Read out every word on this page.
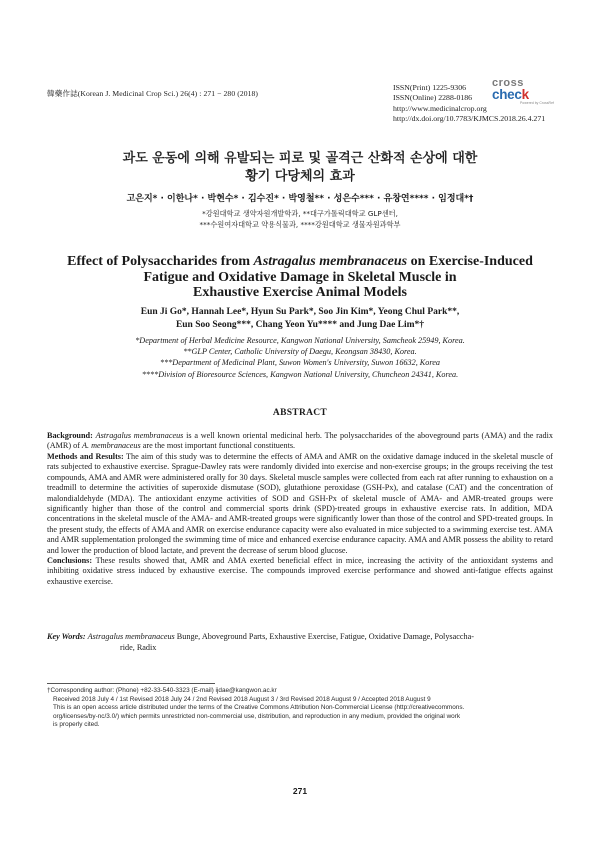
韓藥作誌(Korean J. Medicinal Crop Sci.) 26(4) : 271 − 280 (2018)
ISSN(Print) 1225-9306
ISSN(Online) 2288-0186
http://www.medicinalcrop.org
http://dx.doi.org/10.7783/KJMCS.2018.26.4.271
cross
check
Powered by CrossRef
과도 운동에 의해 유발되는 피로 및 골격근 산화적 손상에 대한
황기 다당체의 효과
고은지* · 이한나* · 박현수* · 김수진* · 박영철** · 성은수*** · 유창연**** · 임정대*†
*강원대학교 생약자원개발학과, **대구가톨릭대학교 GLP센터,
***수원여자대학교 약용식물과, ****강원대학교 생물자원과학부
Effect of Polysaccharides from Astragalus membranaceus on Exercise-Induced
Fatigue and Oxidative Damage in Skeletal Muscle in
Exhaustive Exercise Animal Models
Eun Ji Go*, Hannah Lee*, Hyun Su Park*, Soo Jin Kim*, Yeong Chul Park**,
Eun Soo Seong***, Chang Yeon Yu**** and Jung Dae Lim*†
*Department of Herbal Medicine Resource, Kangwon National University, Samcheok 25949, Korea.
**GLP Center, Catholic University of Daegu, Keongsan 38430, Korea.
***Department of Medicinal Plant, Suwon Women's University, Suwon 16632, Korea
****Division of Bioresource Sciences, Kangwon National University, Chuncheon 24341, Korea.
ABSTRACT

Background: Astragalus membranaceus is a well known oriental medicinal herb. The polysaccharides of the aboveground parts (AMA) and the radix (AMR) of A. membranaceus are the most important functional constituents.

Methods and Results: The aim of this study was to determine the effects of AMA and AMR on the oxidative damage induced in the skeletal muscle of rats subjected to exhaustive exercise. Sprague-Dawley rats were randomly divided into exercise and non-exercise groups; in the groups receiving the test compounds, AMA and AMR were administered orally for 30 days. Skeletal muscle samples were collected from each rat after running to exhaustion on a treadmill to determine the activities of superoxide dismutase (SOD), glutathione peroxidase (GSH-Px), and catalase (CAT) and the concentration of malondialdehyde (MDA). The antioxidant enzyme activities of SOD and GSH-Px of skeletal muscle of AMA- and AMR-treated groups were significantly higher than those of the control and commercial sports drink (SPD)-treated groups in exhaustive exercise rats. In addition, MDA concentrations in the skeletal muscle of the AMA- and AMR-treated groups were significantly lower than those of the control and SPD-treated groups. In the present study, the effects of AMA and AMR on exercise endurance capacity were also evaluated in mice subjected to a swimming exercise test. AMA and AMR supplementation prolonged the swimming time of mice and enhanced exercise endurance capacity. AMA and AMR possess the ability to retard and lower the production of blood lactate, and prevent the decrease of serum blood glucose.

Conclusions: These results showed that, AMR and AMA exerted beneficial effect in mice, increasing the activity of the antioxidant systems and inhibiting oxidative stress induced by exhaustive exercise. The compounds improved exercise performance and showed anti-fatigue effects against exhaustive exercise.

Key Words: Astragalus membranaceus Bunge, Aboveground Parts, Exhaustive Exercise, Fatigue, Oxidative Damage, Polysaccha-
ride, Radix
†Corresponding author: (Phone) +82-33-540-3323 (E-mail) ijdae@kangwon.ac.kr
Received 2018 July 4 / 1st Revised 2018 July 24 / 2nd Revised 2018 August 3 / 3rd Revised 2018 August 9 / Accepted 2018 August 9
This is an open access article distributed under the terms of the Creative Commons Attribution Non-Commercial License (http://creativecommons.
org/licenses/by-nc/3.0/) which permits unrestricted non-commercial use, distribution, and reproduction in any medium, provided the original work
is properly cited.
271
